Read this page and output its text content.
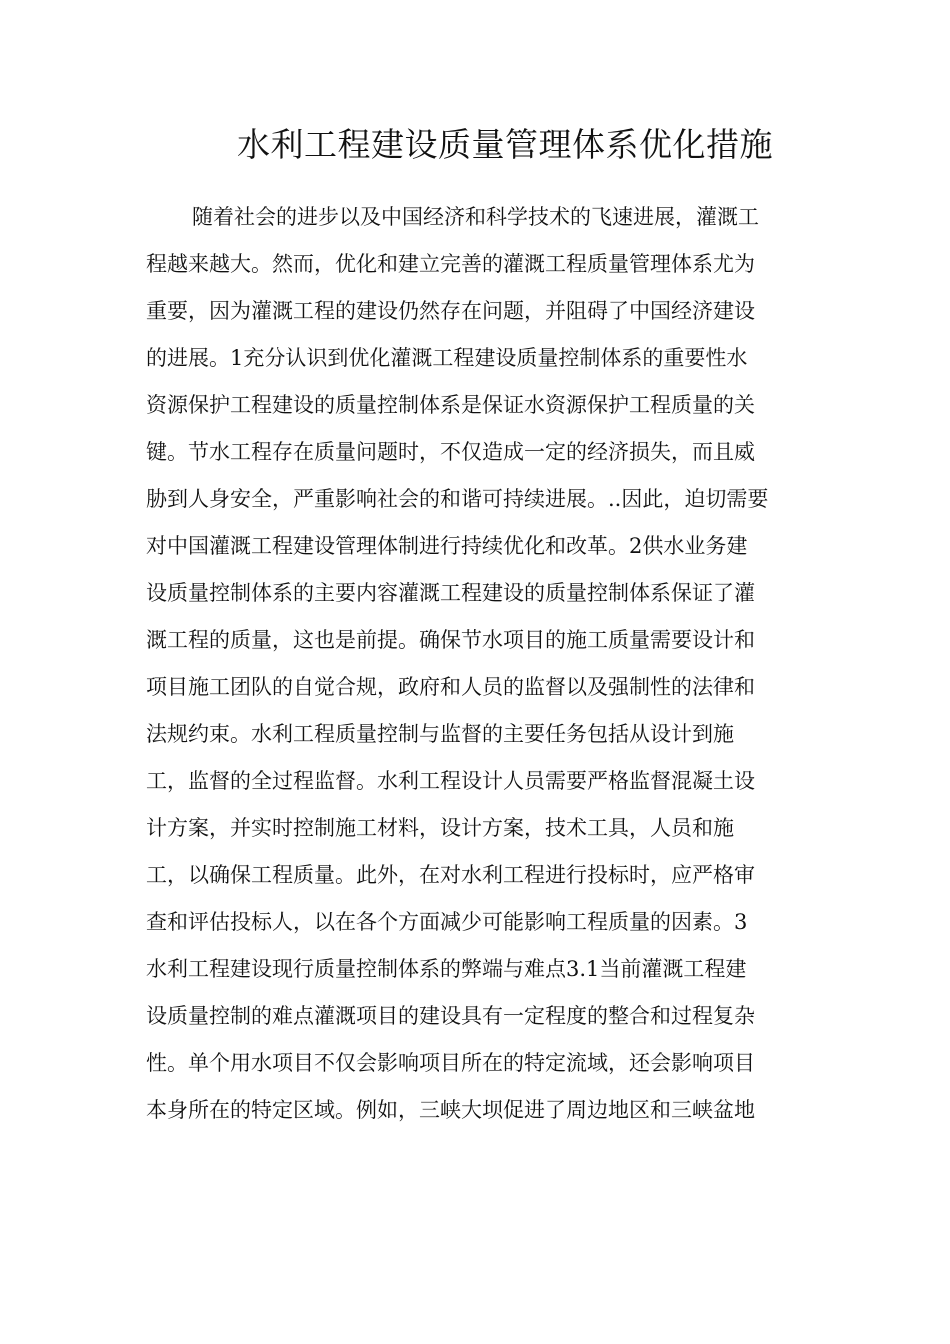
水利工程建设质量管理体系优化措施
随着社会的进步以及中国经济和科学技术的飞速进展，灌溉工
程越来越大。然而，优化和建立完善的灌溉工程质量管理体系尤为
重要，因为灌溉工程的建设仍然存在问题，并阻碍了中国经济建设
的进展。1充分认识到优化灌溉工程建设质量控制体系的重要性水
资源保护工程建设的质量控制体系是保证水资源保护工程质量的关
键。节水工程存在质量问题时，不仅造成一定的经济损失，而且威
胁到人身安全，严重影响社会的和谐可持续进展。..因此，迫切需要
对中国灌溉工程建设管理体制进行持续优化和改革。2供水业务建
设质量控制体系的主要内容灌溉工程建设的质量控制体系保证了灌
溉工程的质量，这也是前提。确保节水项目的施工质量需要设计和
项目施工团队的自觉合规，政府和人员的监督以及强制性的法律和
法规约束。水利工程质量控制与监督的主要任务包括从设计到施
工，监督的全过程监督。水利工程设计人员需要严格监督混凝土设
计方案，并实时控制施工材料，设计方案，技术工具，人员和施
工，以确保工程质量。此外，在对水利工程进行投标时，应严格审
查和评估投标人，以在各个方面减少可能影响工程质量的因素。3
水利工程建设现行质量控制体系的弊端与难点3.1当前灌溉工程建
设质量控制的难点灌溉项目的建设具有一定程度的整合和过程复杂
性。单个用水项目不仅会影响项目所在的特定流域，还会影响项目
本身所在的特定区域。例如，三峡大坝促进了周边地区和三峡盆地
